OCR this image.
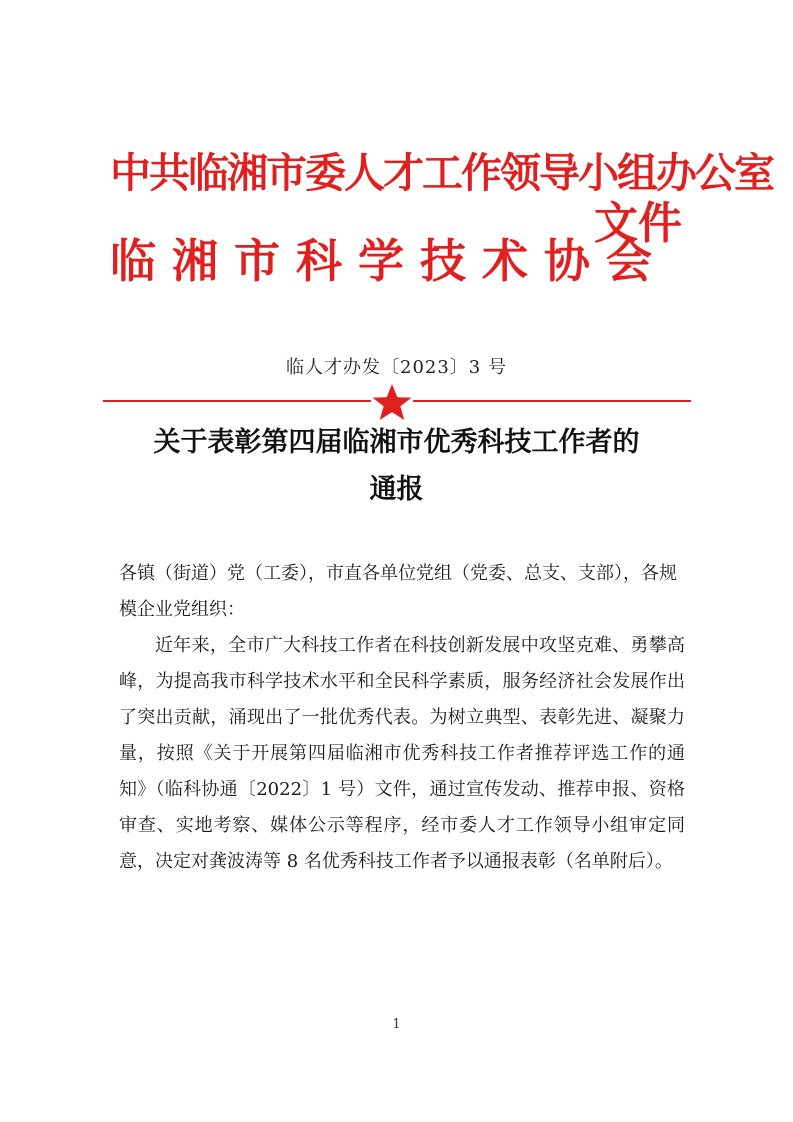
中共临湘市委人才工作领导小组办公室
临湘市科学技术协会
文件
临人才办发〔2023〕3 号
关于表彰第四届临湘市优秀科技工作者的
通报

各镇（街道）党（工委），市直各单位党组（党委、总支、支部），各规模企业党组织：

近年来，全市广大科技工作者在科技创新发展中攻坚克难、勇攀高峰，为提高我市科学技术水平和全民科学素质，服务经济社会发展作出了突出贡献，涌现出了一批优秀代表。为树立典型、表彰先进、凝聚力量，按照《关于开展第四届临湘市优秀科技工作者推荐评选工作的通知》（临科协通〔2022〕1 号）文件，通过宣传发动、推荐申报、资格审查、实地考察、媒体公示等程序，经市委人才工作领导小组审定同意，决定对龚波涛等 8 名优秀科技工作者予以通报表彰（名单附后）。

1
